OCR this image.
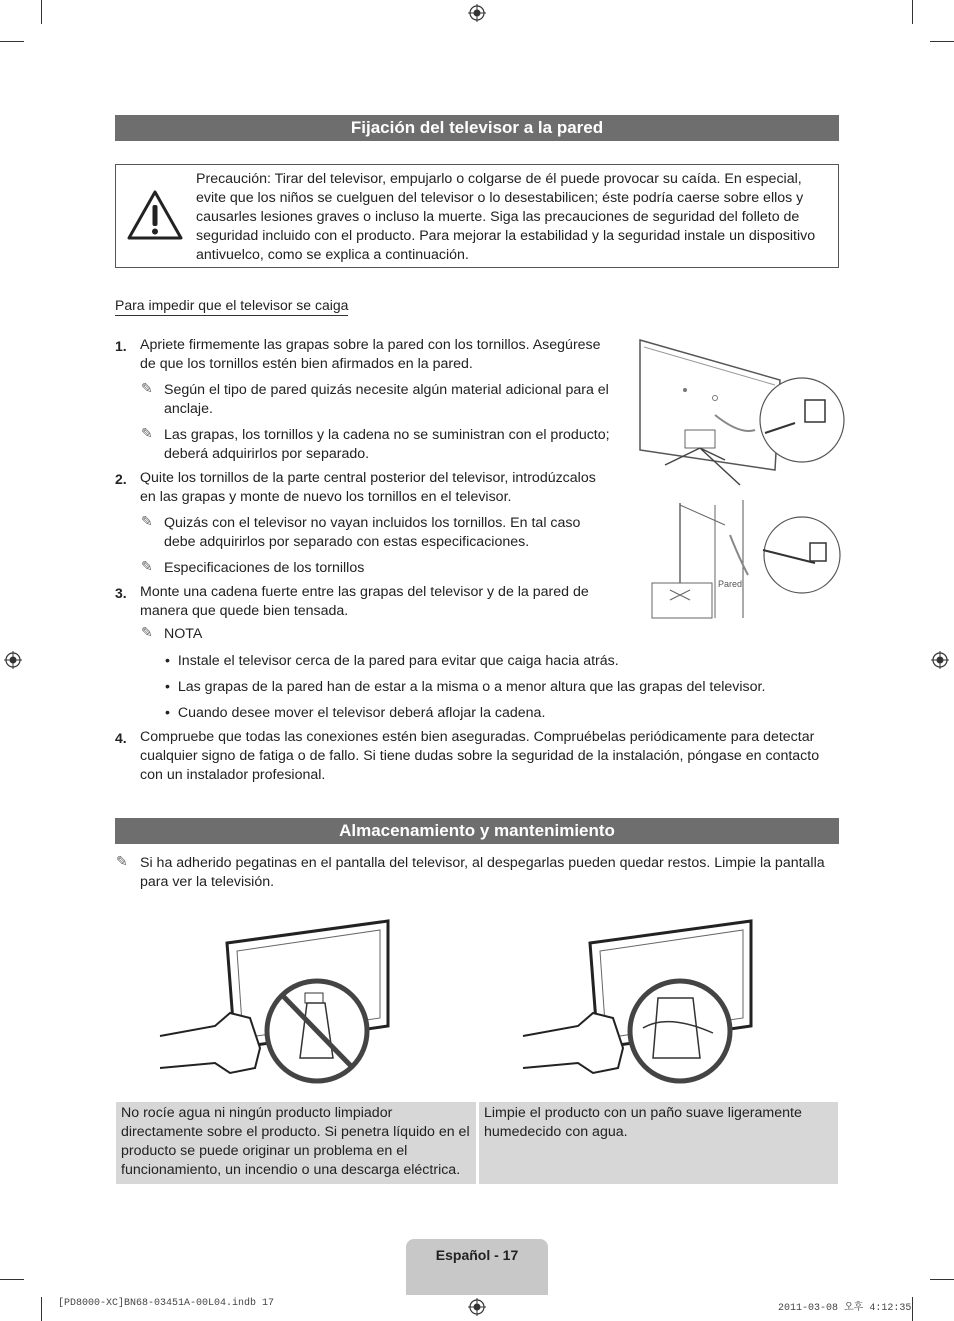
Fijación del televisor a la pared
Precaución: Tirar del televisor, empujarlo o colgarse de él puede provocar su caída. En especial, evite que los niños se cuelguen del televisor o lo desestabilicen; éste podría caerse sobre ellos y causarles lesiones graves o incluso la muerte. Siga las precauciones de seguridad del folleto de seguridad incluido con el producto. Para mejorar la estabilidad y la seguridad instale un dispositivo antivuelco, como se explica a continuación.
Para impedir que el televisor se caiga
1. Apriete firmemente las grapas sobre la pared con los tornillos. Asegúrese de que los tornillos estén bien afirmados en la pared.
✎ Según el tipo de pared quizás necesite algún material adicional para el anclaje.
✎ Las grapas, los tornillos y la cadena no se suministran con el producto; deberá adquirirlos por separado.
2. Quite los tornillos de la parte central posterior del televisor, introdúzcalos en las grapas y monte de nuevo los tornillos en el televisor.
✎ Quizás con el televisor no vayan incluidos los tornillos. En tal caso debe adquirirlos por separado con estas especificaciones.
✎ Especificaciones de los tornillos
3. Monte una cadena fuerte entre las grapas del televisor y de la pared de manera que quede bien tensada.
✎ NOTA
•  Instale el televisor cerca de la pared para evitar que caiga hacia atrás.
•  Las grapas de la pared han de estar a la misma o a menor altura que las grapas del televisor.
•  Cuando desee mover el televisor deberá aflojar la cadena.
4. Compruebe que todas las conexiones estén bien aseguradas. Compruébelas periódicamente para detectar cualquier signo de fatiga o de fallo. Si tiene dudas sobre la seguridad de la instalación, póngase en contacto con un instalador profesional.
Pared
Almacenamiento y mantenimiento
✎ Si ha adherido pegatinas en el pantalla del televisor, al despegarlas pueden quedar restos. Limpie la pantalla para ver la televisión.
No rocíe agua ni ningún producto limpiador directamente sobre el producto. Si penetra líquido en el producto se puede originar un problema en el funcionamiento, un incendio o una descarga eléctrica.
Limpie el producto con un paño suave ligeramente humedecido con agua.
Español - 17
[PD8000-XC]BN68-03451A-00L04.indb 17	2011-03-08 오후 4:12:35
